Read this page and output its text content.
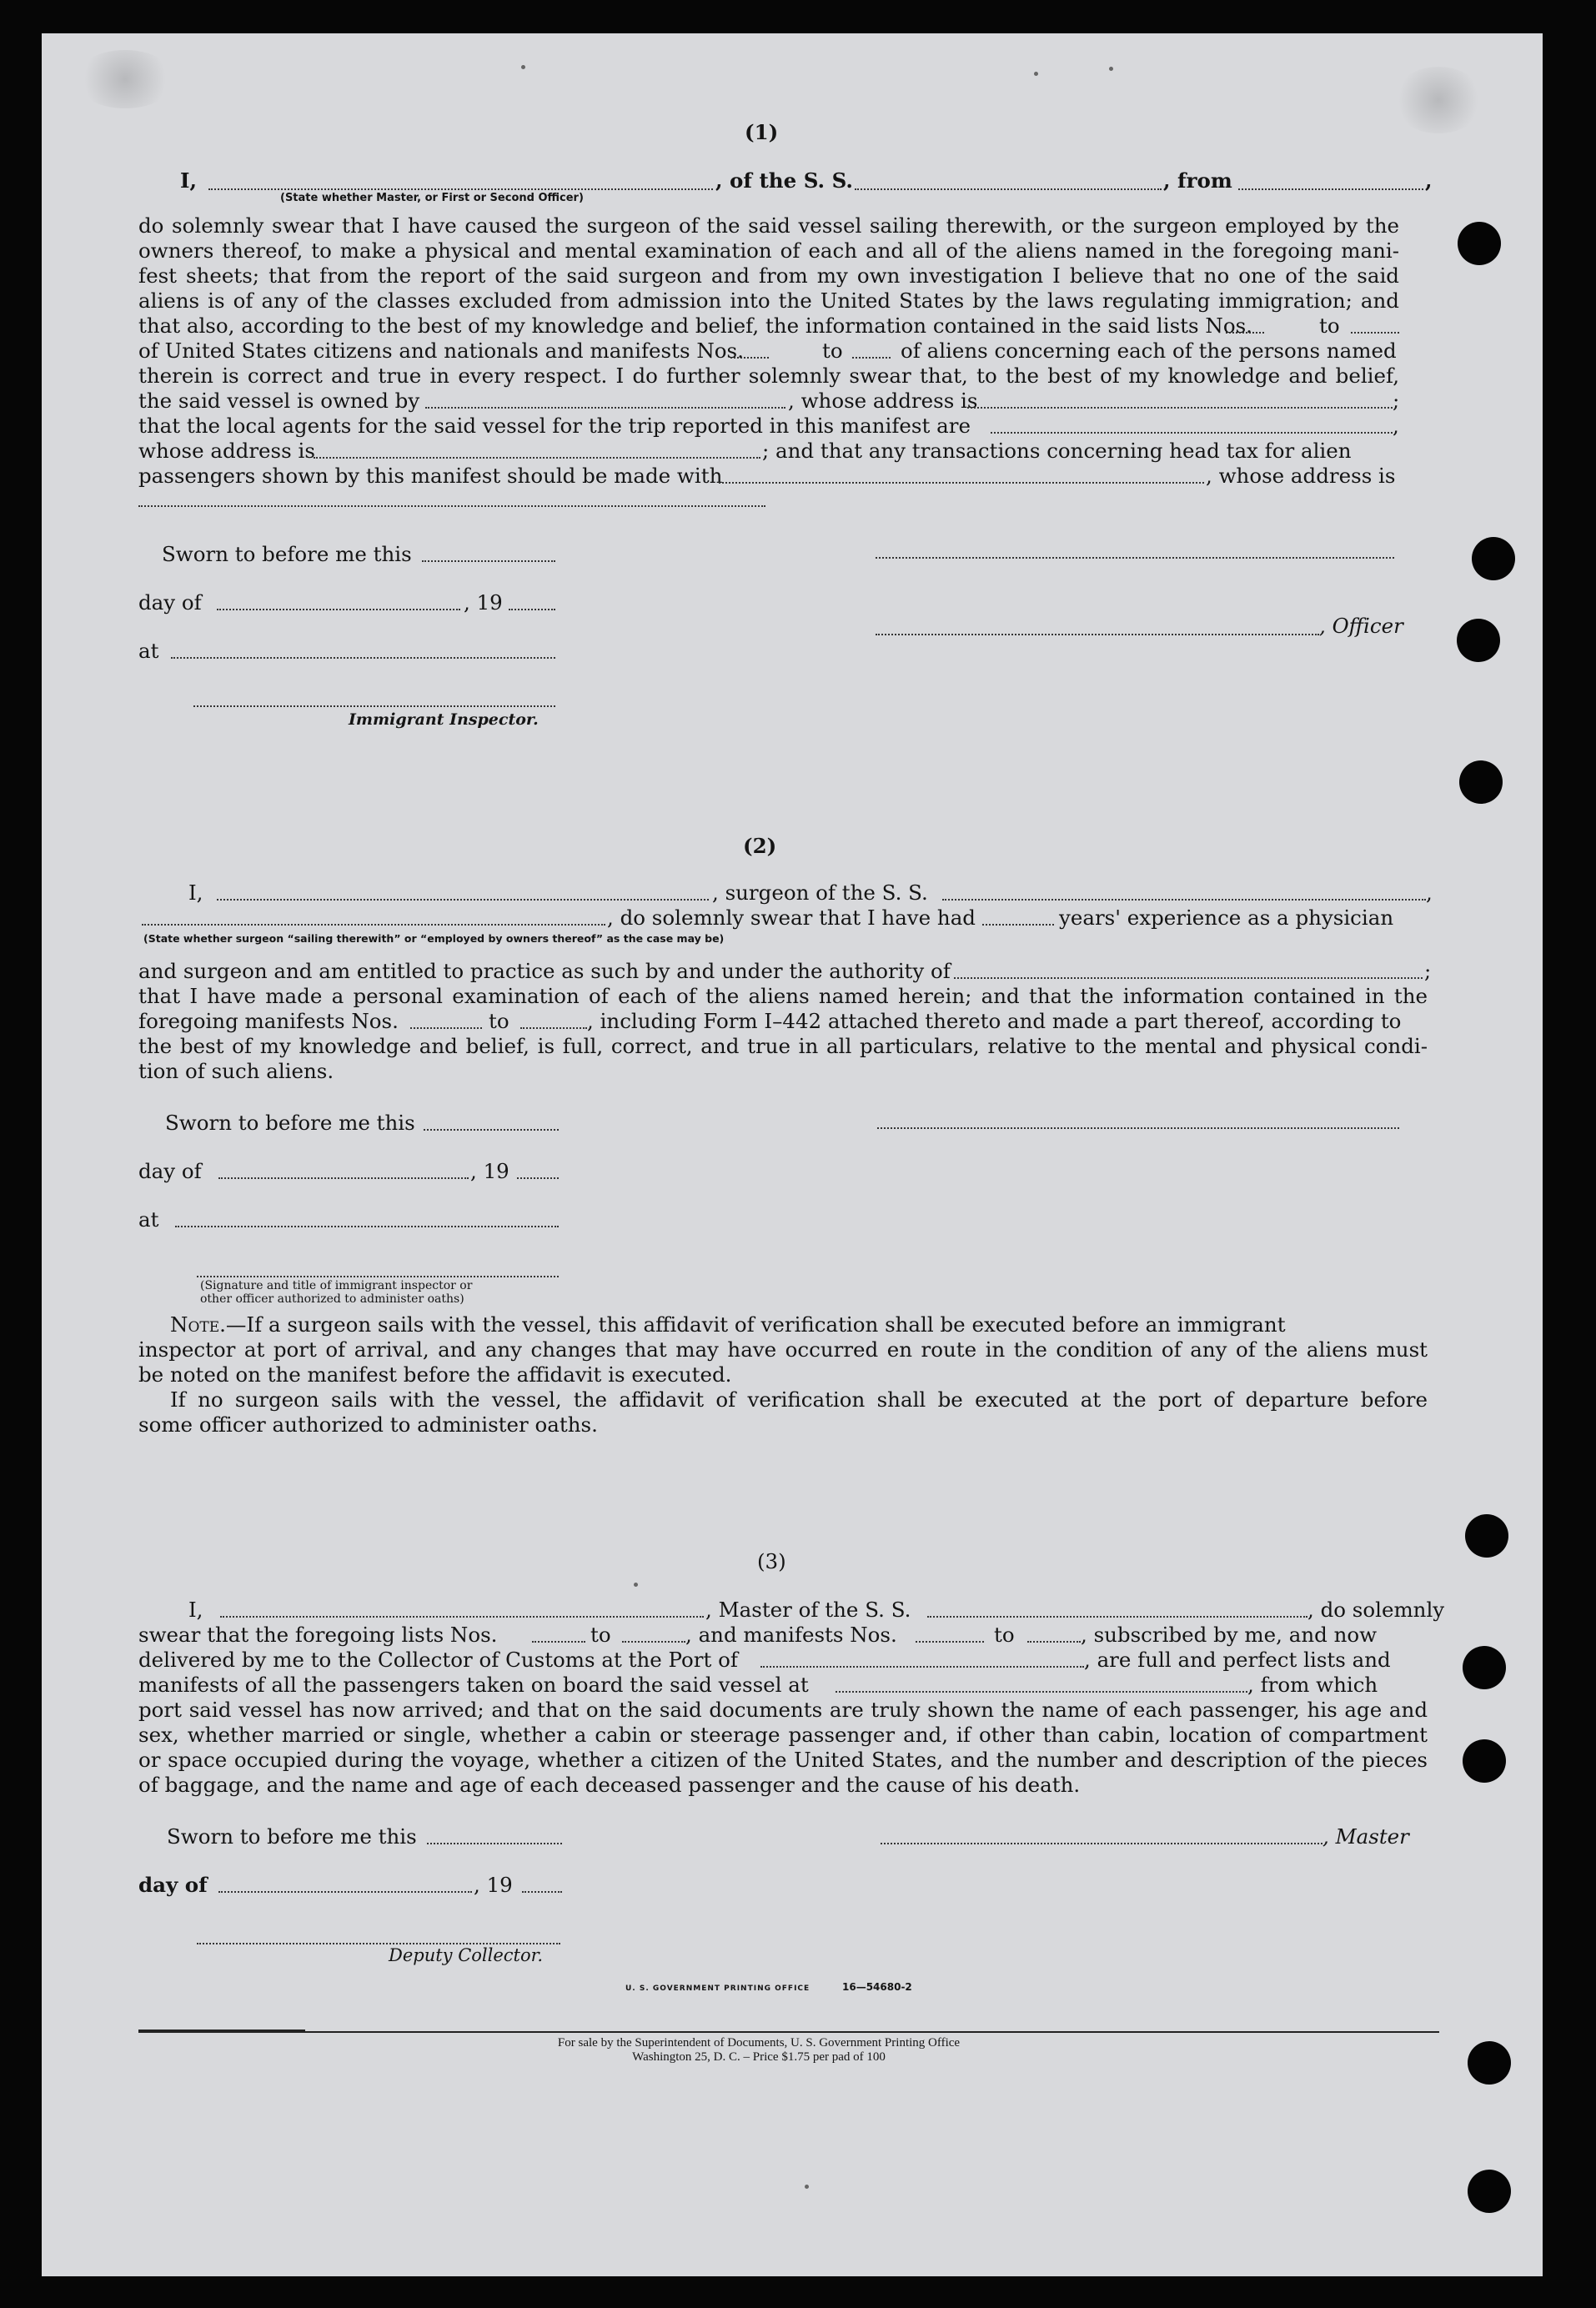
(1)
I,	, of the S. S.	, from	,
(State whether Master, or First or Second Officer)
do solemnly swear that I have caused the surgeon of the said vessel sailing therewith, or the surgeon employed by the
owners thereof, to make a physical and mental examination of each and all of the aliens named in the foregoing mani-
fest sheets; that from the report of the said surgeon and from my own investigation I believe that no one of the said
aliens is of any of the classes excluded from admission into the United States by the laws regulating immigration; and
that also, according to the best of my knowledge and belief, the information contained in the said lists Nos.	to
of United States citizens and nationals and manifests Nos.	to	of aliens concerning each of the persons named
therein is correct and true in every respect. I do further solemnly swear that, to the best of my knowledge and belief,
the said vessel is owned by	, whose address is	;
that the local agents for the said vessel for the trip reported in this manifest are	,
whose address is	; and that any transactions concerning head tax for alien
passengers shown by this manifest should be made with	, whose address is
Sworn to before me this
day of	, 19
, Officer
at
Immigrant Inspector.
(2)
I,	, surgeon of the S. S.	,
, do solemnly swear that I have had	years' experience as a physician
(State whether surgeon “sailing therewith” or “employed by owners thereof” as the case may be)
and surgeon and am entitled to practice as such by and under the authority of	;
that I have made a personal examination of each of the aliens named herein; and that the information contained in the
foregoing manifests Nos.	to	, including Form I–442 attached thereto and made a part thereof, according to
the best of my knowledge and belief, is full, correct, and true in all particulars, relative to the mental and physical condi-
tion of such aliens.
Sworn to before me this
day of	, 19
at
(Signature and title of immigrant inspector or
other officer authorized to administer oaths)
Note.—If a surgeon sails with the vessel, this affidavit of verification shall be executed before an immigrant
inspector at port of arrival, and any changes that may have occurred en route in the condition of any of the aliens must
be noted on the manifest before the affidavit is executed.
If no surgeon sails with the vessel, the affidavit of verification shall be executed at the port of departure before
some officer authorized to administer oaths.
(3)
I,	, Master of the S. S.	, do solemnly
swear that the foregoing lists Nos.	to	, and manifests Nos.	to	, subscribed by me, and now
delivered by me to the Collector of Customs at the Port of	, are full and perfect lists and
manifests of all the passengers taken on board the said vessel at	, from which
port said vessel has now arrived; and that on the said documents are truly shown the name of each passenger, his age and
sex, whether married or single, whether a cabin or steerage passenger and, if other than cabin, location of compartment
or space occupied during the voyage, whether a citizen of the United States, and the number and description of the pieces
of baggage, and the name and age of each deceased passenger and the cause of his death.
Sworn to before me this	, Master
day of	, 19
Deputy Collector.
U. S. GOVERNMENT PRINTING OFFICE	16—54680-2
For sale by the Superintendent of Documents, U. S. Government Printing Office
Washington 25, D. C. – Price $1.75 per pad of 100
